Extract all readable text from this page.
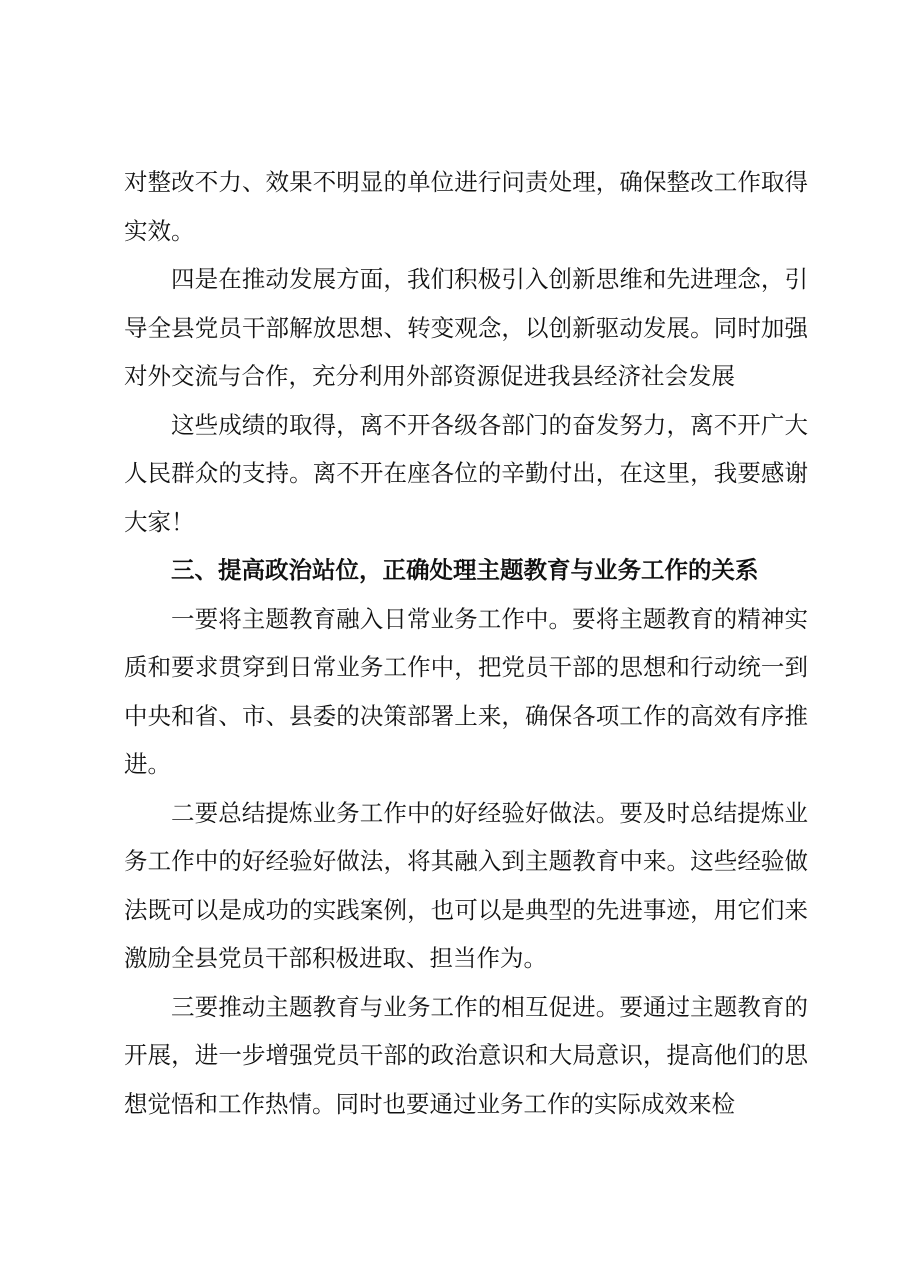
对整改不力、效果不明显的单位进行问责处理，确保整改工作取得实效。

四是在推动发展方面，我们积极引入创新思维和先进理念，引导全县党员干部解放思想、转变观念，以创新驱动发展。同时加强对外交流与合作，充分利用外部资源促进我县经济社会发展

这些成绩的取得，离不开各级各部门的奋发努力，离不开广大人民群众的支持。离不开在座各位的辛勤付出，在这里，我要感谢大家！

三、提高政治站位，正确处理主题教育与业务工作的关系

一要将主题教育融入日常业务工作中。要将主题教育的精神实质和要求贯穿到日常业务工作中，把党员干部的思想和行动统一到中央和省、市、县委的决策部署上来，确保各项工作的高效有序推进。

二要总结提炼业务工作中的好经验好做法。要及时总结提炼业务工作中的好经验好做法，将其融入到主题教育中来。这些经验做法既可以是成功的实践案例，也可以是典型的先进事迹，用它们来激励全县党员干部积极进取、担当作为。

三要推动主题教育与业务工作的相互促进。要通过主题教育的开展，进一步增强党员干部的政治意识和大局意识，提高他们的思想觉悟和工作热情。同时也要通过业务工作的实际成效来检
